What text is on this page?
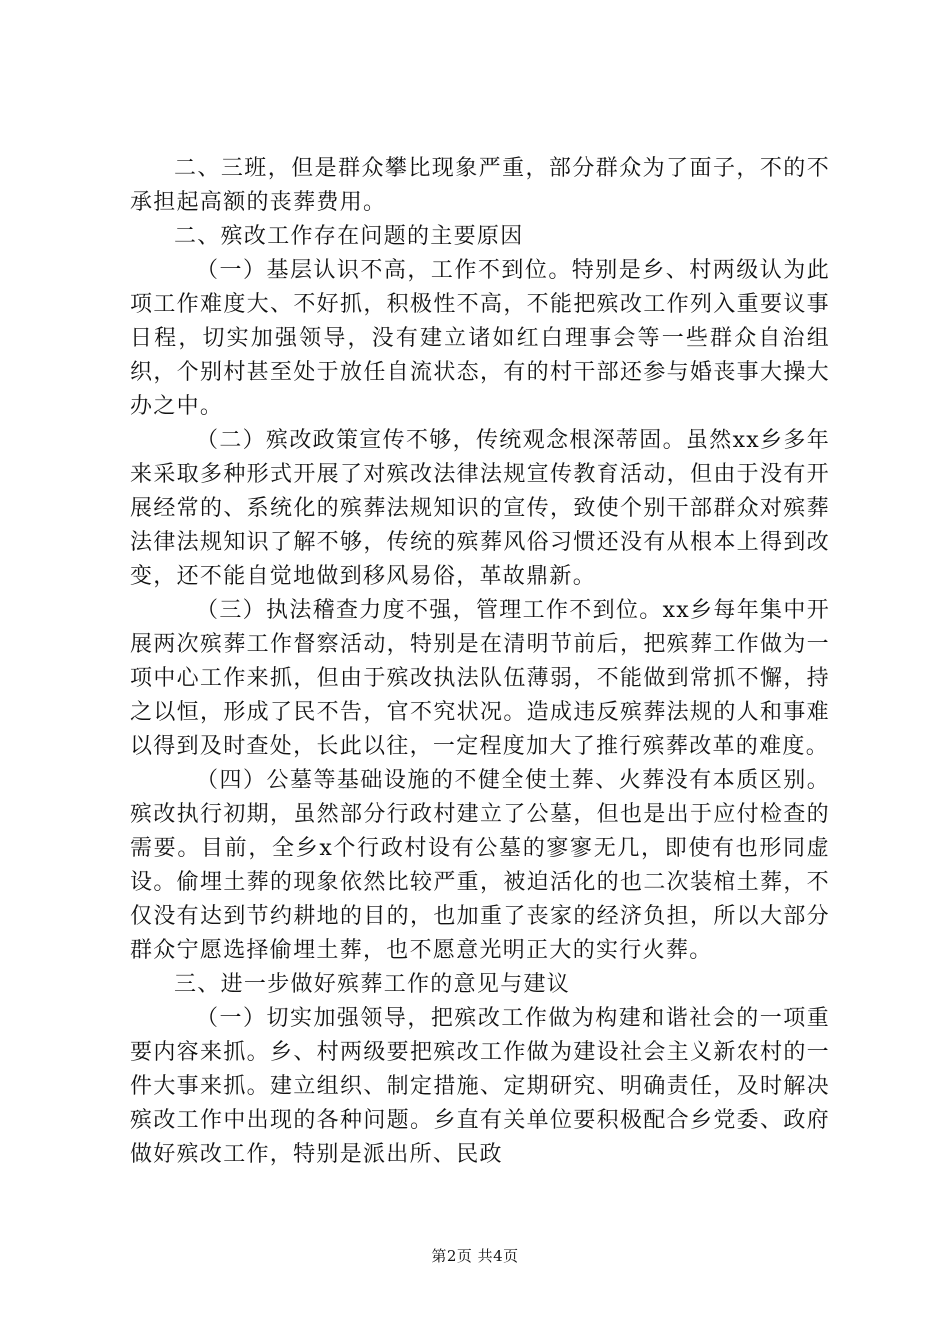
二、三班，但是群众攀比现象严重，部分群众为了面子，不的不承担起高额的丧葬费用。

二、殡改工作存在问题的主要原因

（一）基层认识不高，工作不到位。特别是乡、村两级认为此项工作难度大、不好抓，积极性不高，不能把殡改工作列入重要议事日程，切实加强领导，没有建立诸如红白理事会等一些群众自治组织，个别村甚至处于放任自流状态，有的村干部还参与婚丧事大操大办之中。

（二）殡改政策宣传不够，传统观念根深蒂固。虽然xx乡多年来采取多种形式开展了对殡改法律法规宣传教育活动，但由于没有开展经常的、系统化的殡葬法规知识的宣传，致使个别干部群众对殡葬法律法规知识了解不够，传统的殡葬风俗习惯还没有从根本上得到改变，还不能自觉地做到移风易俗，革故鼎新。

（三）执法稽查力度不强，管理工作不到位。xx乡每年集中开展两次殡葬工作督察活动，特别是在清明节前后，把殡葬工作做为一项中心工作来抓，但由于殡改执法队伍薄弱，不能做到常抓不懈，持之以恒，形成了民不告，官不究状况。造成违反殡葬法规的人和事难以得到及时查处，长此以往，一定程度加大了推行殡葬改革的难度。

（四）公墓等基础设施的不健全使土葬、火葬没有本质区别。殡改执行初期，虽然部分行政村建立了公墓，但也是出于应付检查的需要。目前，全乡x个行政村设有公墓的寥寥无几，即使有也形同虚设。偷埋土葬的现象依然比较严重，被迫活化的也二次装棺土葬，不仅没有达到节约耕地的目的，也加重了丧家的经济负担，所以大部分群众宁愿选择偷埋土葬，也不愿意光明正大的实行火葬。

三、进一步做好殡葬工作的意见与建议

（一）切实加强领导，把殡改工作做为构建和谐社会的一项重要内容来抓。乡、村两级要把殡改工作做为建设社会主义新农村的一件大事来抓。建立组织、制定措施、定期研究、明确责任，及时解决殡改工作中出现的各种问题。乡直有关单位要积极配合乡党委、政府做好殡改工作，特别是派出所、民政

第2页 共4页
